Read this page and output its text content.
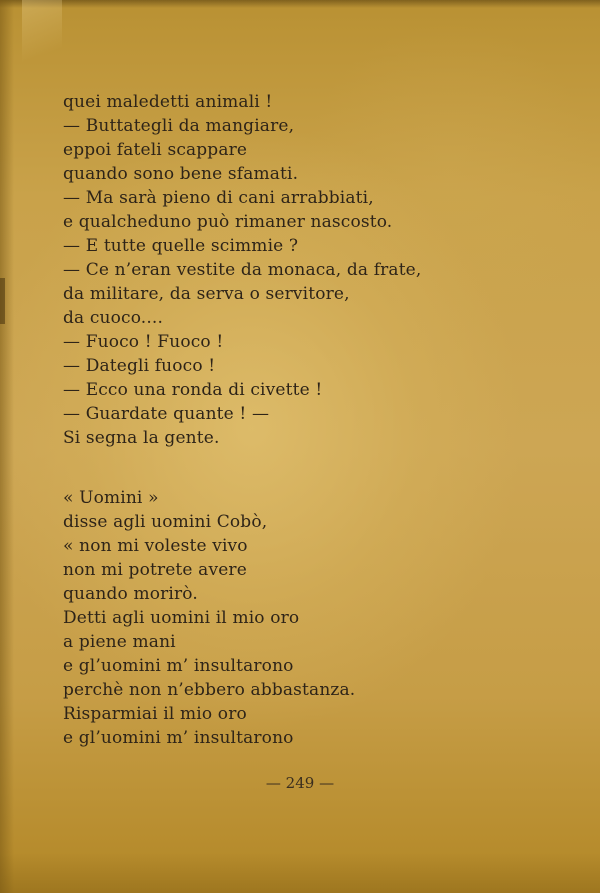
quei maledetti animali !
— Buttategli da mangiare,
eppoi fateli scappare
quando sono bene sfamati.
— Ma sarà pieno di cani arrabbiati,
e qualcheduno può rimaner nascosto.
— E tutte quelle scimmie ?
— Ce n’eran vestite da monaca, da frate,
da militare, da serva o servitore,
da cuoco....
— Fuoco ! Fuoco !
— Dategli fuoco !
— Ecco una ronda di civette !
— Guardate quante ! —
Si segna la gente.
« Uomini »
disse agli uomini Cobò,
« non mi voleste vivo
non mi potrete avere
quando morirò.
Detti agli uomini il mio oro
a piene mani
e gl’uomini m’ insultarono
perchè non n’ebbero abbastanza.
Risparmiai il mio oro
e gl’uomini m’ insultarono
— 249 —
